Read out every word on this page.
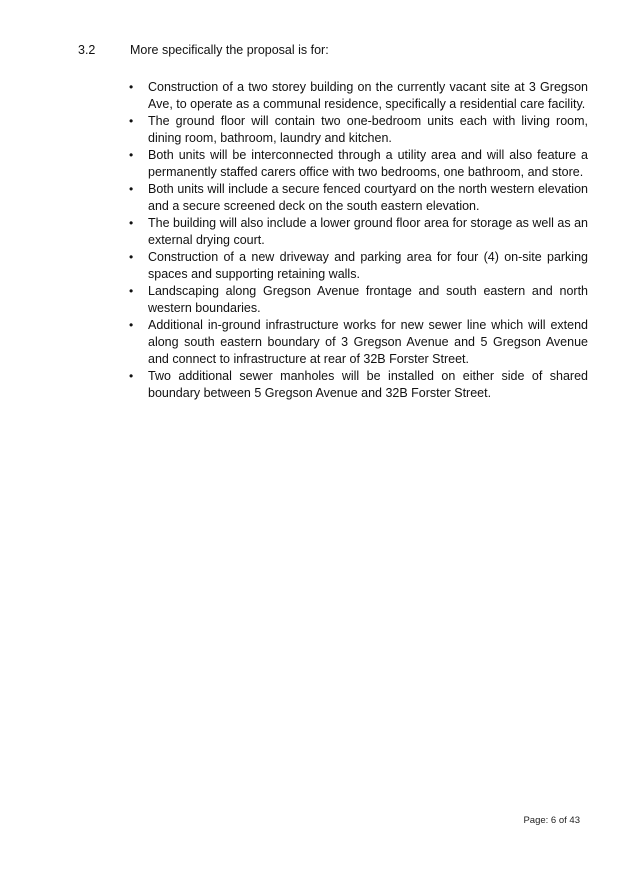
3.2	More specifically the proposal is for:
•	Construction of a two storey building on the currently vacant site at 3 Gregson Ave, to operate as a communal residence, specifically a residential care facility.
•	The ground floor will contain two one-bedroom units each with living room, dining room, bathroom, laundry and kitchen.
•	Both units will be interconnected through a utility area and will also feature a permanently staffed carers office with two bedrooms, one bathroom, and store.
•	Both units will include a secure fenced courtyard on the north western elevation and a secure screened deck on the south eastern elevation.
•	The building will also include a lower ground floor area for storage as well as an external drying court.
•	Construction of a new driveway and parking area for four (4) on-site parking spaces and supporting retaining walls.
•	Landscaping along Gregson Avenue frontage and south eastern and north western boundaries.
•	Additional in-ground infrastructure works for new sewer line which will extend along south eastern boundary of 3 Gregson Avenue and 5 Gregson Avenue and connect to infrastructure at rear of 32B Forster Street.
•	Two additional sewer manholes will be installed on either side of shared boundary between 5 Gregson Avenue and 32B Forster Street.
Page: 6 of 43
